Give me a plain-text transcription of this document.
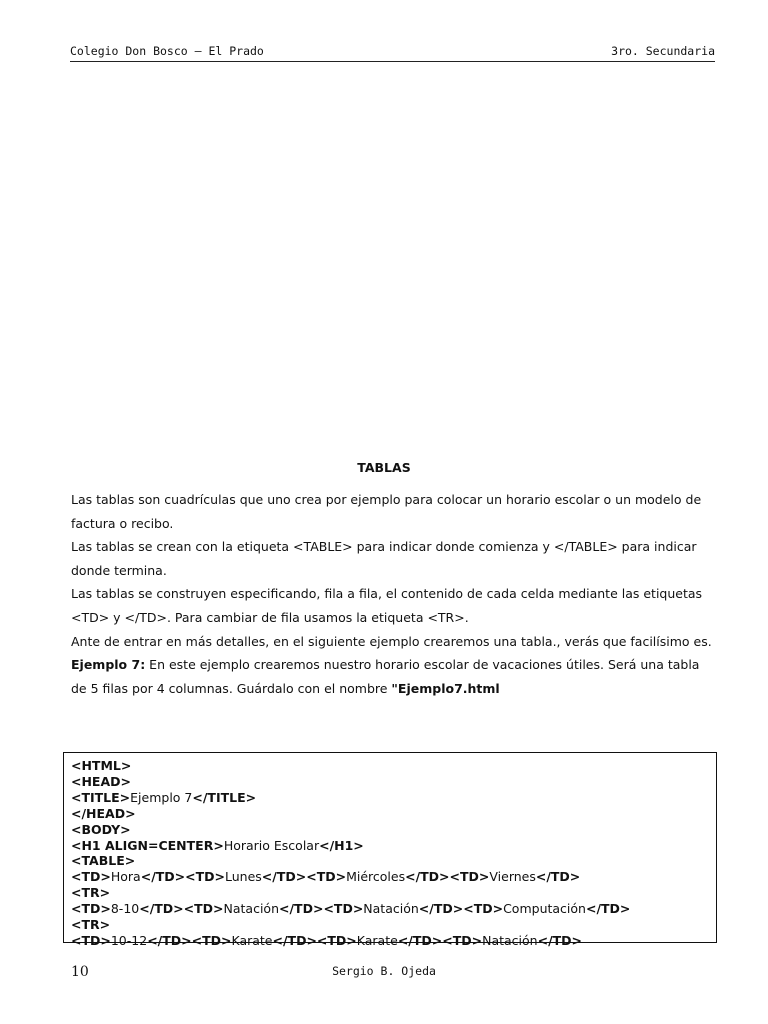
Colegio Don Bosco – El Prado	3ro. Secundaria
TABLAS

Las tablas son cuadrículas que uno crea por ejemplo para colocar un horario escolar o un modelo de factura o recibo.

Las tablas se crean con la etiqueta <TABLE> para indicar donde comienza y </TABLE> para indicar donde termina.

Las tablas se construyen especificando, fila a fila, el contenido de cada celda mediante las etiquetas <TD> y </TD>. Para cambiar de fila usamos la etiqueta <TR>.

Ante de entrar en más detalles, en el siguiente ejemplo crearemos una tabla., verás que facilísimo es.

Ejemplo 7: En este ejemplo crearemos nuestro horario escolar de vacaciones útiles. Será una tabla de 5 filas por 4 columnas. Guárdalo con el nombre "Ejemplo7.html

<HTML>
<HEAD>
<TITLE>Ejemplo 7</TITLE>
</HEAD>
<BODY>
<H1 ALIGN=CENTER>Horario Escolar</H1>
<TABLE>
<TD>Hora</TD><TD>Lunes</TD><TD>Miércoles</TD><TD>Viernes</TD>
<TR>
<TD>8-10</TD><TD>Natación</TD><TD>Natación</TD><TD>Computación</TD>
<TR>
<TD>10-12</TD><TD>Karate</TD><TD>Karate</TD><TD>Natación</TD>
10	Sergio B. Ojeda
